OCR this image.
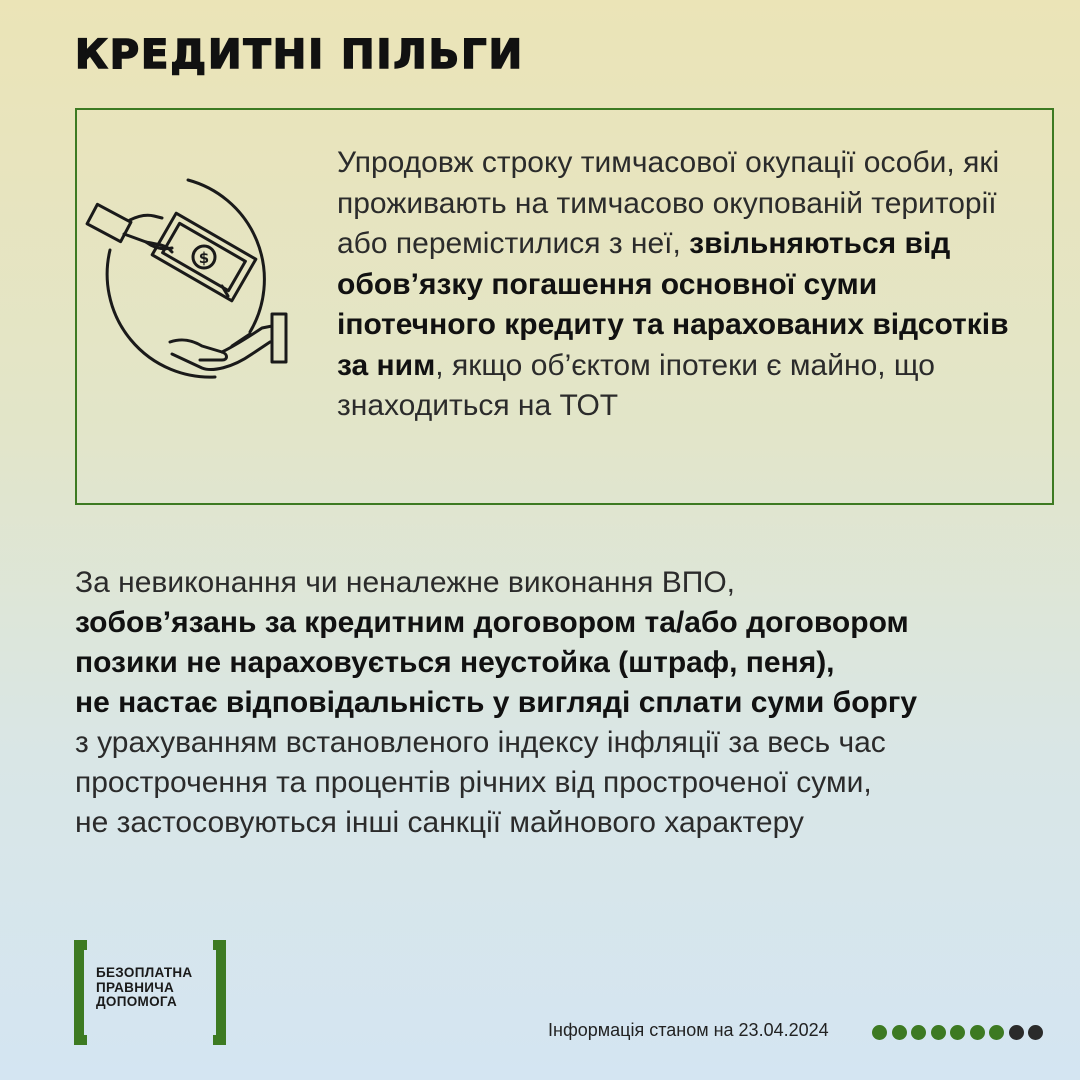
КРЕДИТНІ ПІЛЬГИ
$

Упродовж строку тимчасової окупації особи, які проживають на тимчасово окупованій території або перемістилися з неї, звільняються від обов’язку погашення основної суми іпотечного кредиту та нарахованих відсотків за ним, якщо об’єктом іпотеки є майно, що знаходиться на ТОТ

За невиконання чи неналежне виконання ВПО,
зобов’язань за кредитним договором та/або договором
позики не нараховується неустойка (штраф, пеня),
не настає відповідальність у вигляді сплати суми боргу
з урахуванням встановленого індексу інфляції за весь час
прострочення та процентів річних від простроченої суми,
не застосовуються інші санкції майнового характеру

БЕЗОПЛАТНА
ПРАВНИЧА
ДОПОМОГА

Інформація станом на 23.04.2024
